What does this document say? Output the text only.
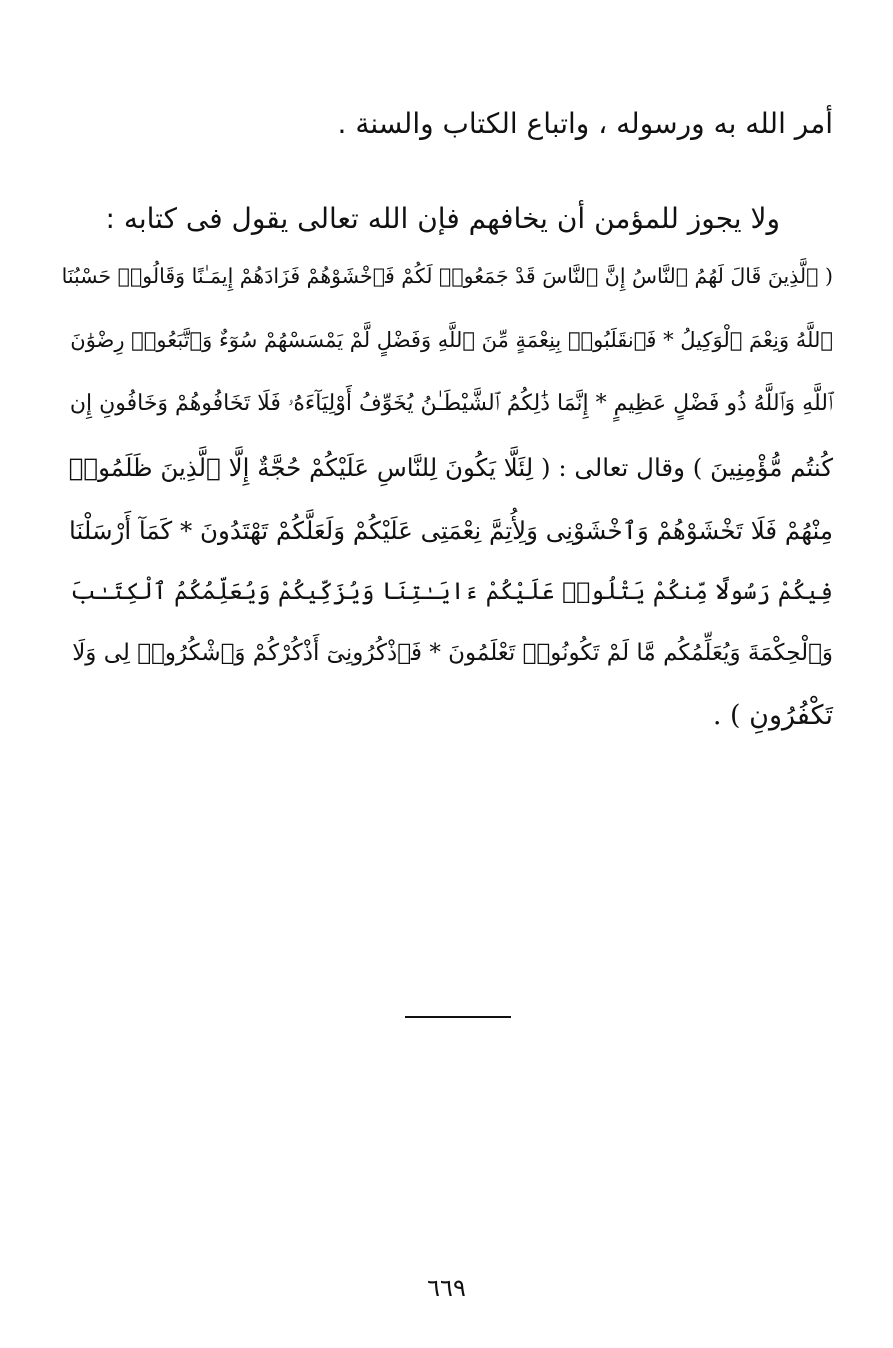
أمر الله به ورسوله ، واتباع الكتاب والسنة .
ولا يجوز للمؤمن أن يخافهم فإن الله تعالى يقول فى كتابه :
( ٱلَّذِينَ قَالَ لَهُمُ ٱلنَّاسُ إِنَّ ٱلنَّاسَ قَدْ جَمَعُوا۟ لَكُمْ فَٱخْشَوْهُمْ فَزَادَهُمْ إِيمَـٰنًا وَقَالُوا۟ حَسْبُنَا
ٱللَّهُ وَنِعْمَ ٱلْوَكِيلُ * فَٱنقَلَبُوا۟ بِنِعْمَةٍ مِّنَ ٱللَّهِ وَفَضْلٍ لَّمْ يَمْسَسْهُمْ سُوٓءٌ وَٱتَّبَعُوا۟ رِضْوَٰنَ
ٱللَّهِ وَٱللَّهُ ذُو فَضْلٍ عَظِيمٍ * إِنَّمَا ذَٰلِكُمُ ٱلشَّيْطَـٰنُ يُخَوِّفُ أَوْلِيَآءَهُۥ فَلَا تَخَافُوهُمْ وَخَافُونِ إِن
كُنتُم مُّؤْمِنِينَ ) وقال تعالى : ( لِئَلَّا يَكُونَ لِلنَّاسِ عَلَيْكُمْ حُجَّةٌ إِلَّا ٱلَّذِينَ ظَلَمُوا۟
مِنْهُمْ فَلَا تَخْشَوْهُمْ وَٱخْشَوْنِى وَلِأُتِمَّ نِعْمَتِى عَلَيْكُمْ وَلَعَلَّكُمْ تَهْتَدُونَ * كَمَآ أَرْسَلْنَا
فِيكُمْ رَسُولًا مِّنكُمْ يَتْلُوا۟ عَلَيْكُمْ ءَايَـٰتِنَا وَيُزَكِّيكُمْ وَيُعَلِّمُكُمُ ٱلْكِتَـٰبَ
وَٱلْحِكْمَةَ وَيُعَلِّمُكُم مَّا لَمْ تَكُونُوا۟ تَعْلَمُونَ * فَٱذْكُرُونِىٓ أَذْكُرْكُمْ وَٱشْكُرُوا۟ لِى وَلَا
تَكْفُرُونِ ) .
٦٦٩
